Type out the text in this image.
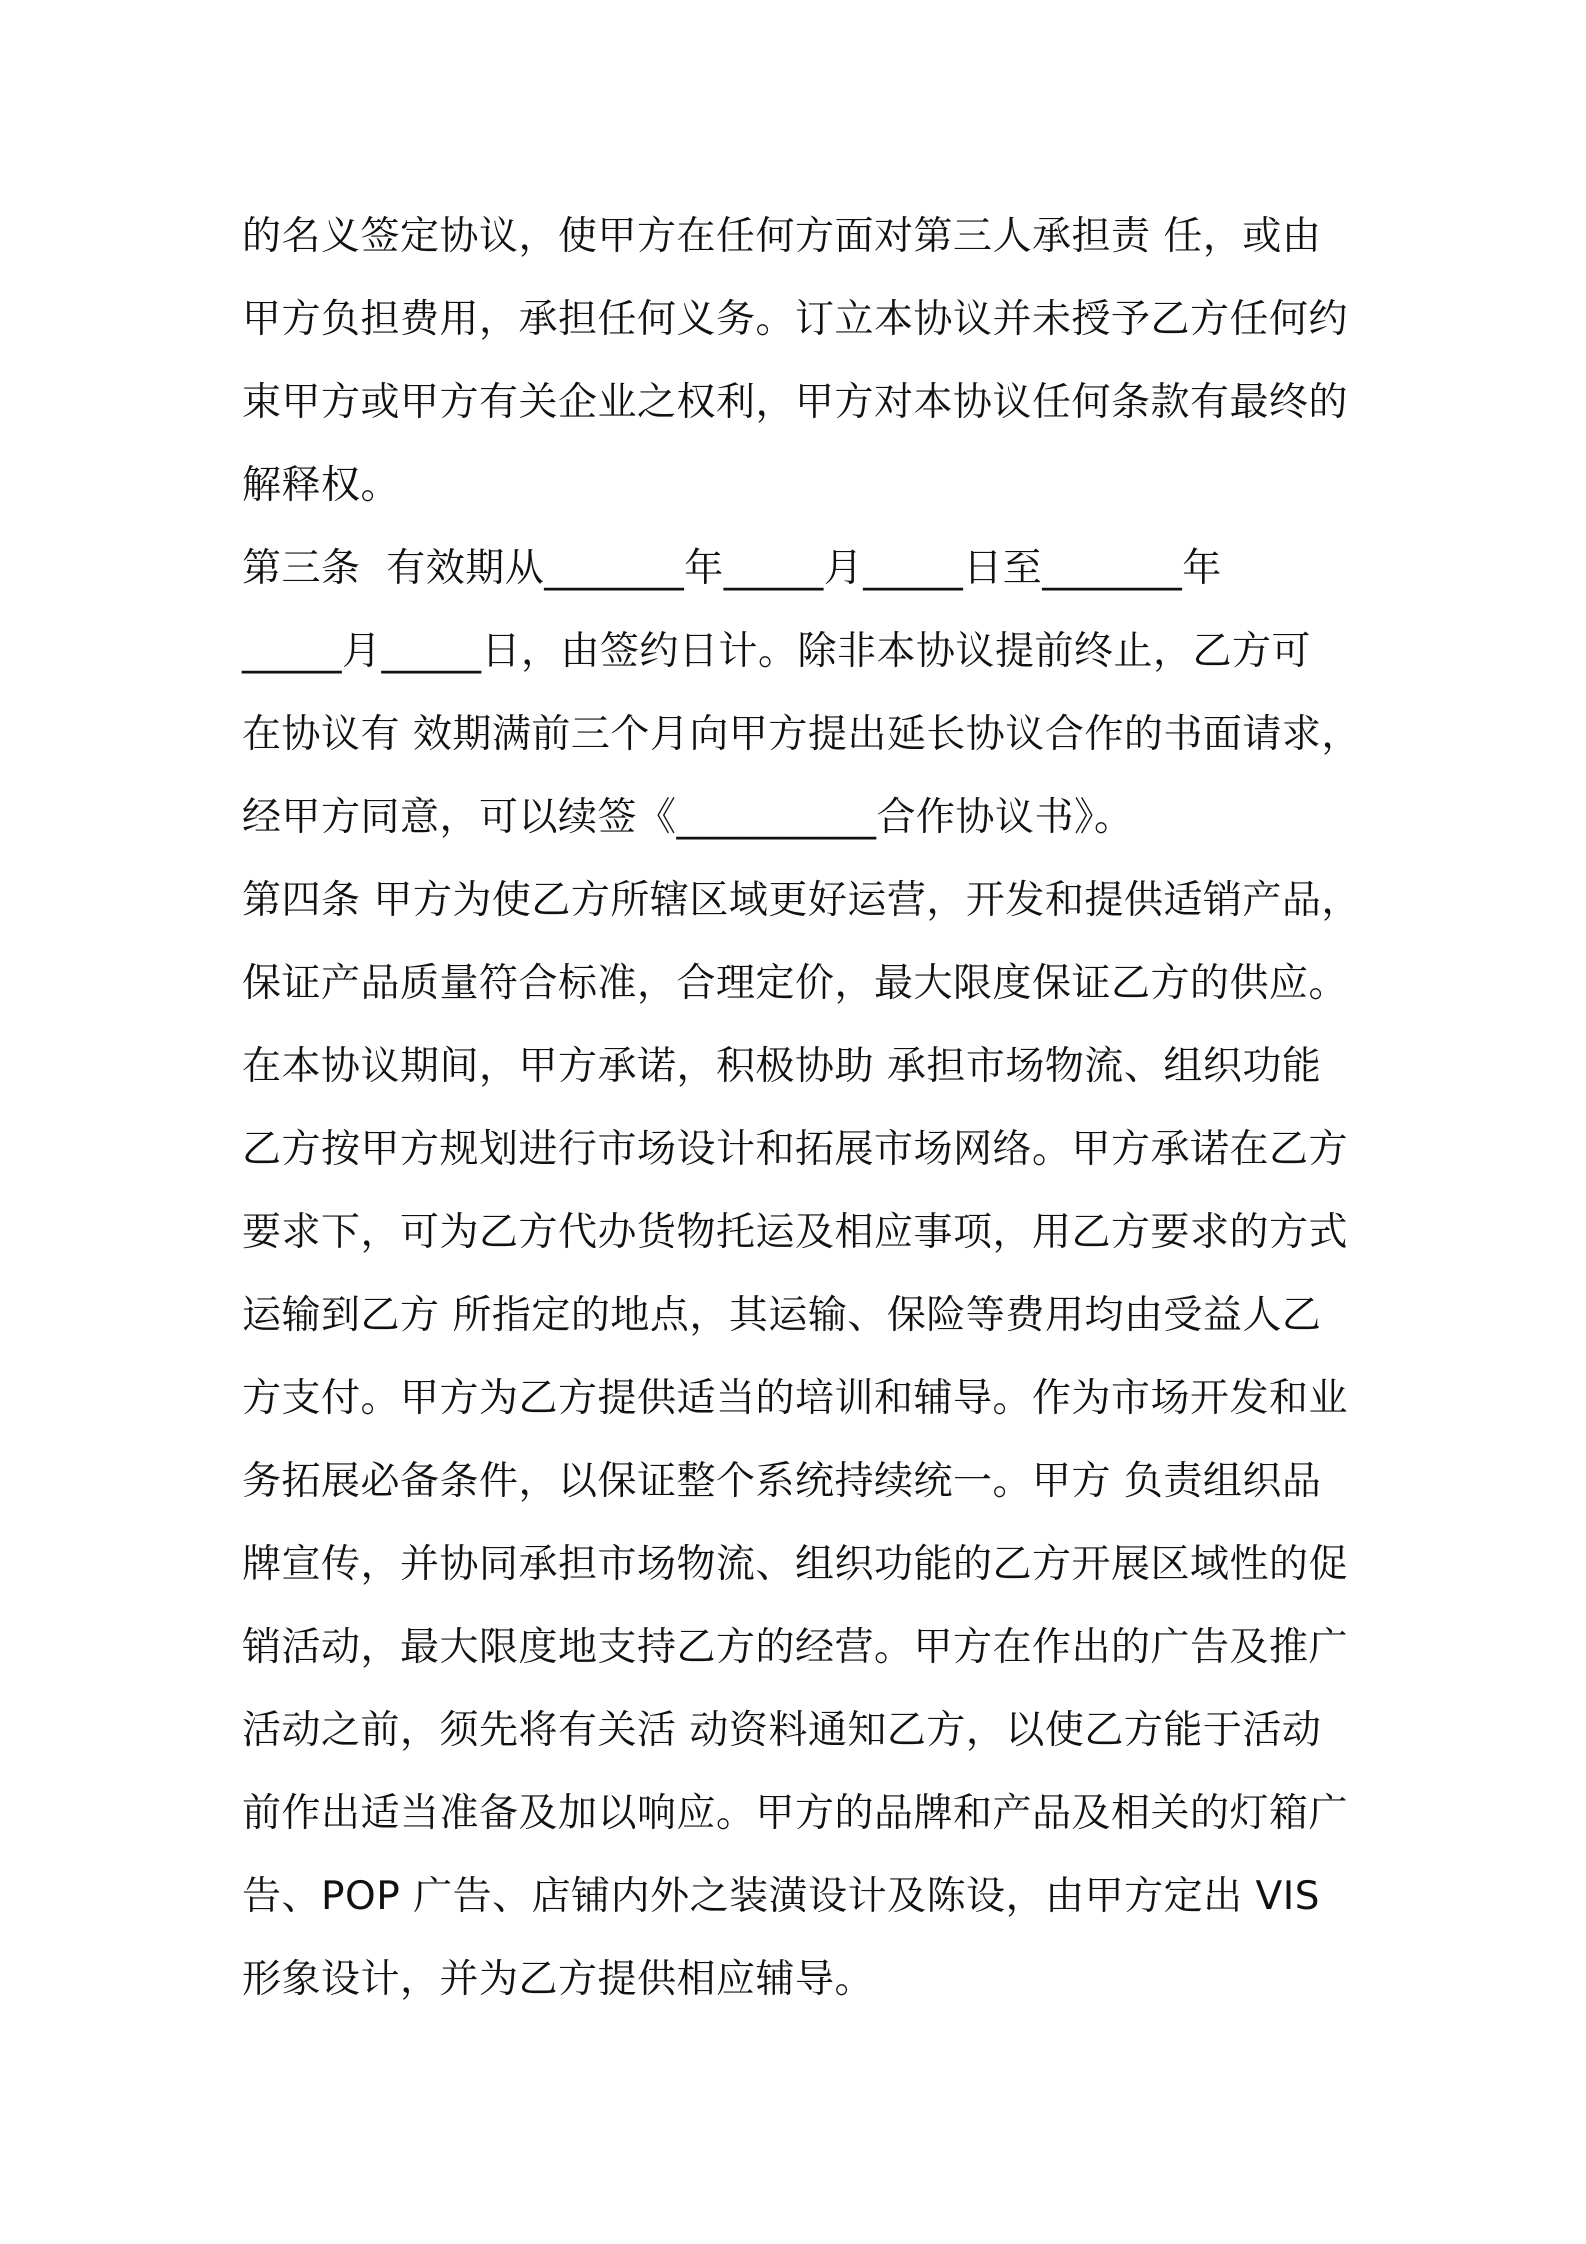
的名义签定协议，使甲方在任何方面对第三人承担责 任，或由
甲方负担费用，承担任何义务。订立本协议并未授予乙方任何约
束甲方或甲方有关企业之权利，甲方对本协议任何条款有最终的
解释权。
第三条  有效期从_______年_____月_____日至_______年
_____月_____日，由签约日计。除非本协议提前终止，乙方可
在协议有 效期满前三个月向甲方提出延长协议合作的书面请求，
经甲方同意，可以续签《__________合作协议书》。
第四条 甲方为使乙方所辖区域更好运营，开发和提供适销产品，
保证产品质量符合标准，合理定价，最大限度保证乙方的供应。
在本协议期间，甲方承诺，积极协助 承担市场物流、组织功能
乙方按甲方规划进行市场设计和拓展市场网络。甲方承诺在乙方
要求下，可为乙方代办货物托运及相应事项，用乙方要求的方式
运输到乙方 所指定的地点，其运输、保险等费用均由受益人乙
方支付。甲方为乙方提供适当的培训和辅导。作为市场开发和业
务拓展必备条件，以保证整个系统持续统一。甲方 负责组织品
牌宣传，并协同承担市场物流、组织功能的乙方开展区域性的促
销活动，最大限度地支持乙方的经营。甲方在作出的广告及推广
活动之前，须先将有关活 动资料通知乙方，以使乙方能于活动
前作出适当准备及加以响应。甲方的品牌和产品及相关的灯箱广
告、POP 广告、店铺内外之装潢设计及陈设，由甲方定出 VIS
形象设计，并为乙方提供相应辅导。
